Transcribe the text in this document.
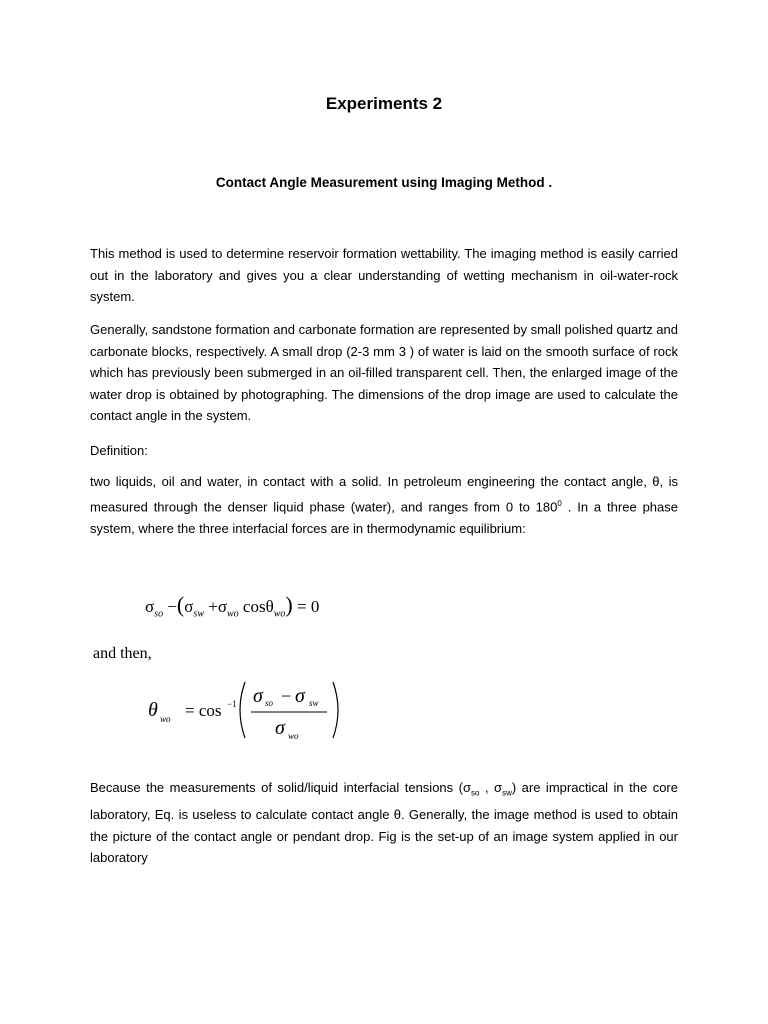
Experiments 2
Contact Angle Measurement using Imaging Method .
This method is used to determine reservoir formation wettability. The imaging method is easily carried out in the laboratory and gives you a clear understanding of wetting mechanism in oil-water-rock system.
Generally, sandstone formation and carbonate formation are represented by small polished quartz and carbonate blocks, respectively. A small drop (2-3 mm 3 ) of water is laid on the smooth surface of rock which has previously been submerged in an oil-filled transparent cell. Then, the enlarged image of the water drop is obtained by photographing. The dimensions of the drop image are used to calculate the contact angle in the system.
Definition:
two liquids, oil and water, in contact with a solid. In petroleum engineering the contact angle, θ, is measured through the denser liquid phase (water), and ranges from 0 to $180^0$ . In a three phase system, where the three interfacial forces are in thermodynamic equilibrium:
$\sigma_{so} -(\sigma_{sw} +\sigma_{wo}$ cosθ$_{wo}$) = 0
and then,
θ wo = cos −1 σ so − σ sw
σ wo
Because the measurements of solid/liquid interfacial tensions ($\sigma_{so}$ , $\sigma_{sw}$) are impractical in the core laboratory, Eq. is useless to calculate contact angle θ. Generally, the image method is used to obtain the picture of the contact angle or pendant drop. Fig is the set-up of an image system applied in our laboratory
